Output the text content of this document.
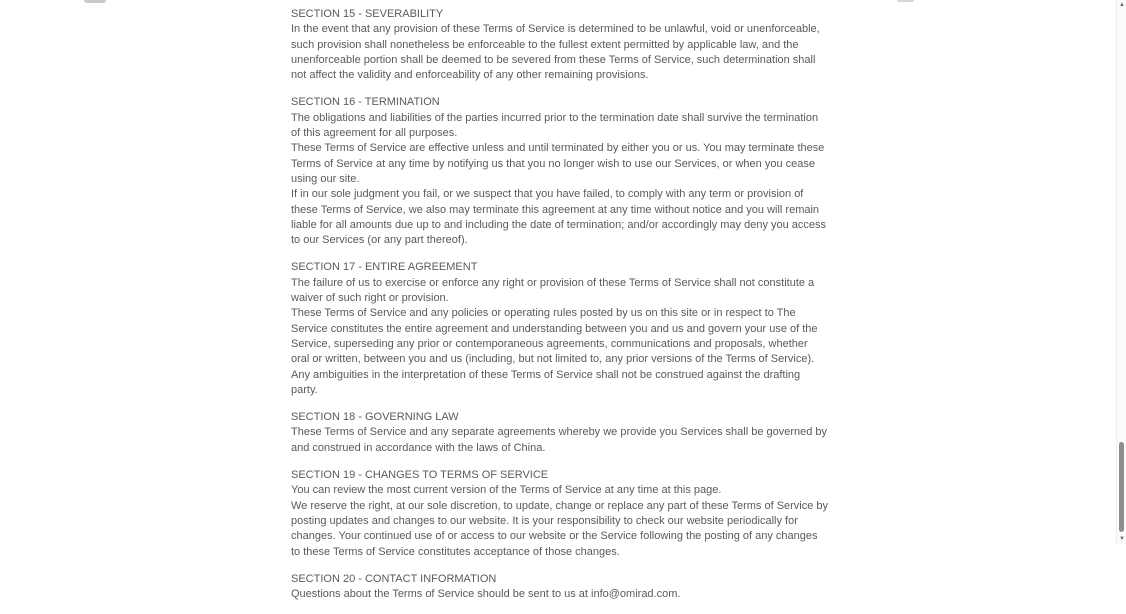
SECTION 15 - SEVERABILITY
In the event that any provision of these Terms of Service is determined to be unlawful, void or unenforceable, such provision shall nonetheless be enforceable to the fullest extent permitted by applicable law, and the unenforceable portion shall be deemed to be severed from these Terms of Service, such determination shall not affect the validity and enforceability of any other remaining provisions.
SECTION 16 - TERMINATION
The obligations and liabilities of the parties incurred prior to the termination date shall survive the termination of this agreement for all purposes.
These Terms of Service are effective unless and until terminated by either you or us. You may terminate these Terms of Service at any time by notifying us that you no longer wish to use our Services, or when you cease using our site.
If in our sole judgment you fail, or we suspect that you have failed, to comply with any term or provision of these Terms of Service, we also may terminate this agreement at any time without notice and you will remain liable for all amounts due up to and including the date of termination; and/or accordingly may deny you access to our Services (or any part thereof).
SECTION 17 - ENTIRE AGREEMENT
The failure of us to exercise or enforce any right or provision of these Terms of Service shall not constitute a waiver of such right or provision.
These Terms of Service and any policies or operating rules posted by us on this site or in respect to The Service constitutes the entire agreement and understanding between you and us and govern your use of the Service, superseding any prior or contemporaneous agreements, communications and proposals, whether oral or written, between you and us (including, but not limited to, any prior versions of the Terms of Service).
Any ambiguities in the interpretation of these Terms of Service shall not be construed against the drafting party.
SECTION 18 - GOVERNING LAW
These Terms of Service and any separate agreements whereby we provide you Services shall be governed by and construed in accordance with the laws of China.
SECTION 19 - CHANGES TO TERMS OF SERVICE
You can review the most current version of the Terms of Service at any time at this page.
We reserve the right, at our sole discretion, to update, change or replace any part of these Terms of Service by posting updates and changes to our website. It is your responsibility to check our website periodically for changes. Your continued use of or access to our website or the Service following the posting of any changes to these Terms of Service constitutes acceptance of those changes.
SECTION 20 - CONTACT INFORMATION
Questions about the Terms of Service should be sent to us at info@omirad.com.
▲
▼
